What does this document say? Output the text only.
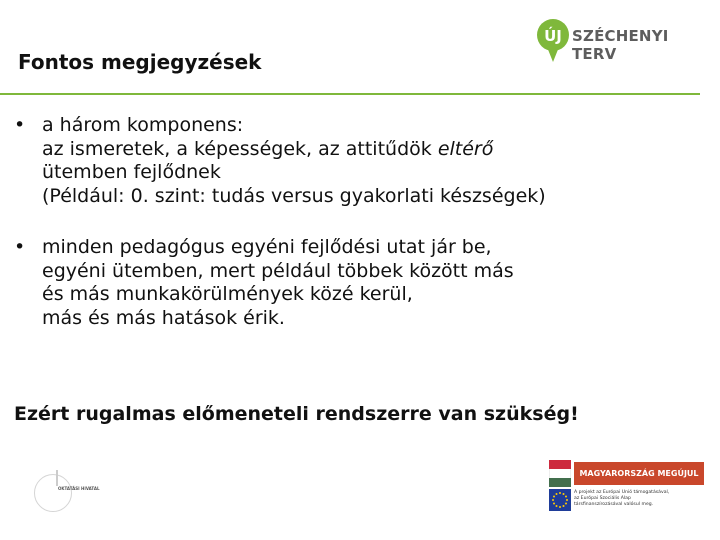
Fontos megjegyzések
ÚJ SZÉCHENYI TERV
• a három komponens:
az ismeretek, a képességek, az attitűdök eltérő
ütemben fejlődnek
(Például: 0. szint: tudás versus gyakorlati készségek)
• minden pedagógus egyéni fejlődési utat jár be,
egyéni ütemben, mert például többek között más
és más munkakörülmények közé kerül,
más és más hatások érik.
Ezért rugalmas előmeneteli rendszerre van szükség!
OKTATÁSI HIVATAL
MAGYARORSZÁG MEGÚJUL
A projekt az Európai Unió támogatásával,
az Európai Szociális Alap
társfinanszírozásával valósul meg.
